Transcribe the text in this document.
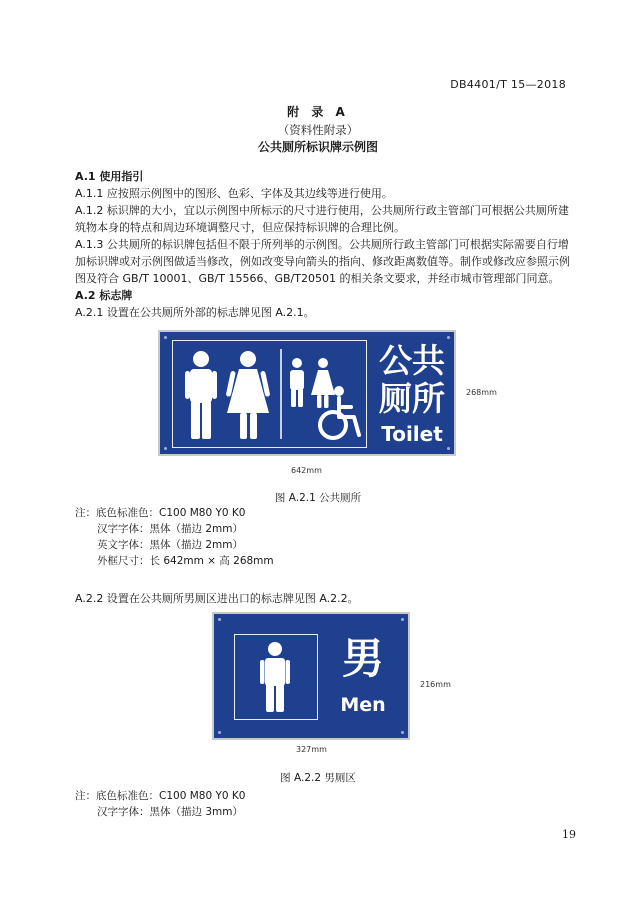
DB4401/T 15—2018
附 录 A
（资料性附录）
公共厕所标识牌示例图
A.1 使用指引
A.1.1 应按照示例图中的图形、色彩、字体及其边线等进行使用。
A.1.2 标识牌的大小，宜以示例图中所标示的尺寸进行使用，公共厕所行政主管部门可根据公共厕所建
筑物本身的特点和周边环境调整尺寸，但应保持标识牌的合理比例。
A.1.3 公共厕所的标识牌包括但不限于所列举的示例图。公共厕所行政主管部门可根据实际需要自行增
加标识牌或对示例图做适当修改，例如改变导向箭头的指向、修改距离数值等。制作或修改应参照示例
图及符合 GB/T 10001、GB/T 15566、GB/T20501 的相关条文要求，并经市城市管理部门同意。
A.2 标志牌
A.2.1 设置在公共厕所外部的标志牌见图 A.2.1。
公共
厕所
Toilet
268mm
642mm
图 A.2.1 公共厕所
注：底色标准色：C100 M80 Y0 K0
汉字字体：黑体（描边 2mm）
英文字体：黑体（描边 2mm）
外框尺寸：长 642mm × 高 268mm
A.2.2 设置在公共厕所男厕区进出口的标志牌见图 A.2.2。
男
Men
216mm
327mm
图 A.2.2 男厕区
注：底色标准色：C100 M80 Y0 K0
汉字字体：黑体（描边 3mm）
19
